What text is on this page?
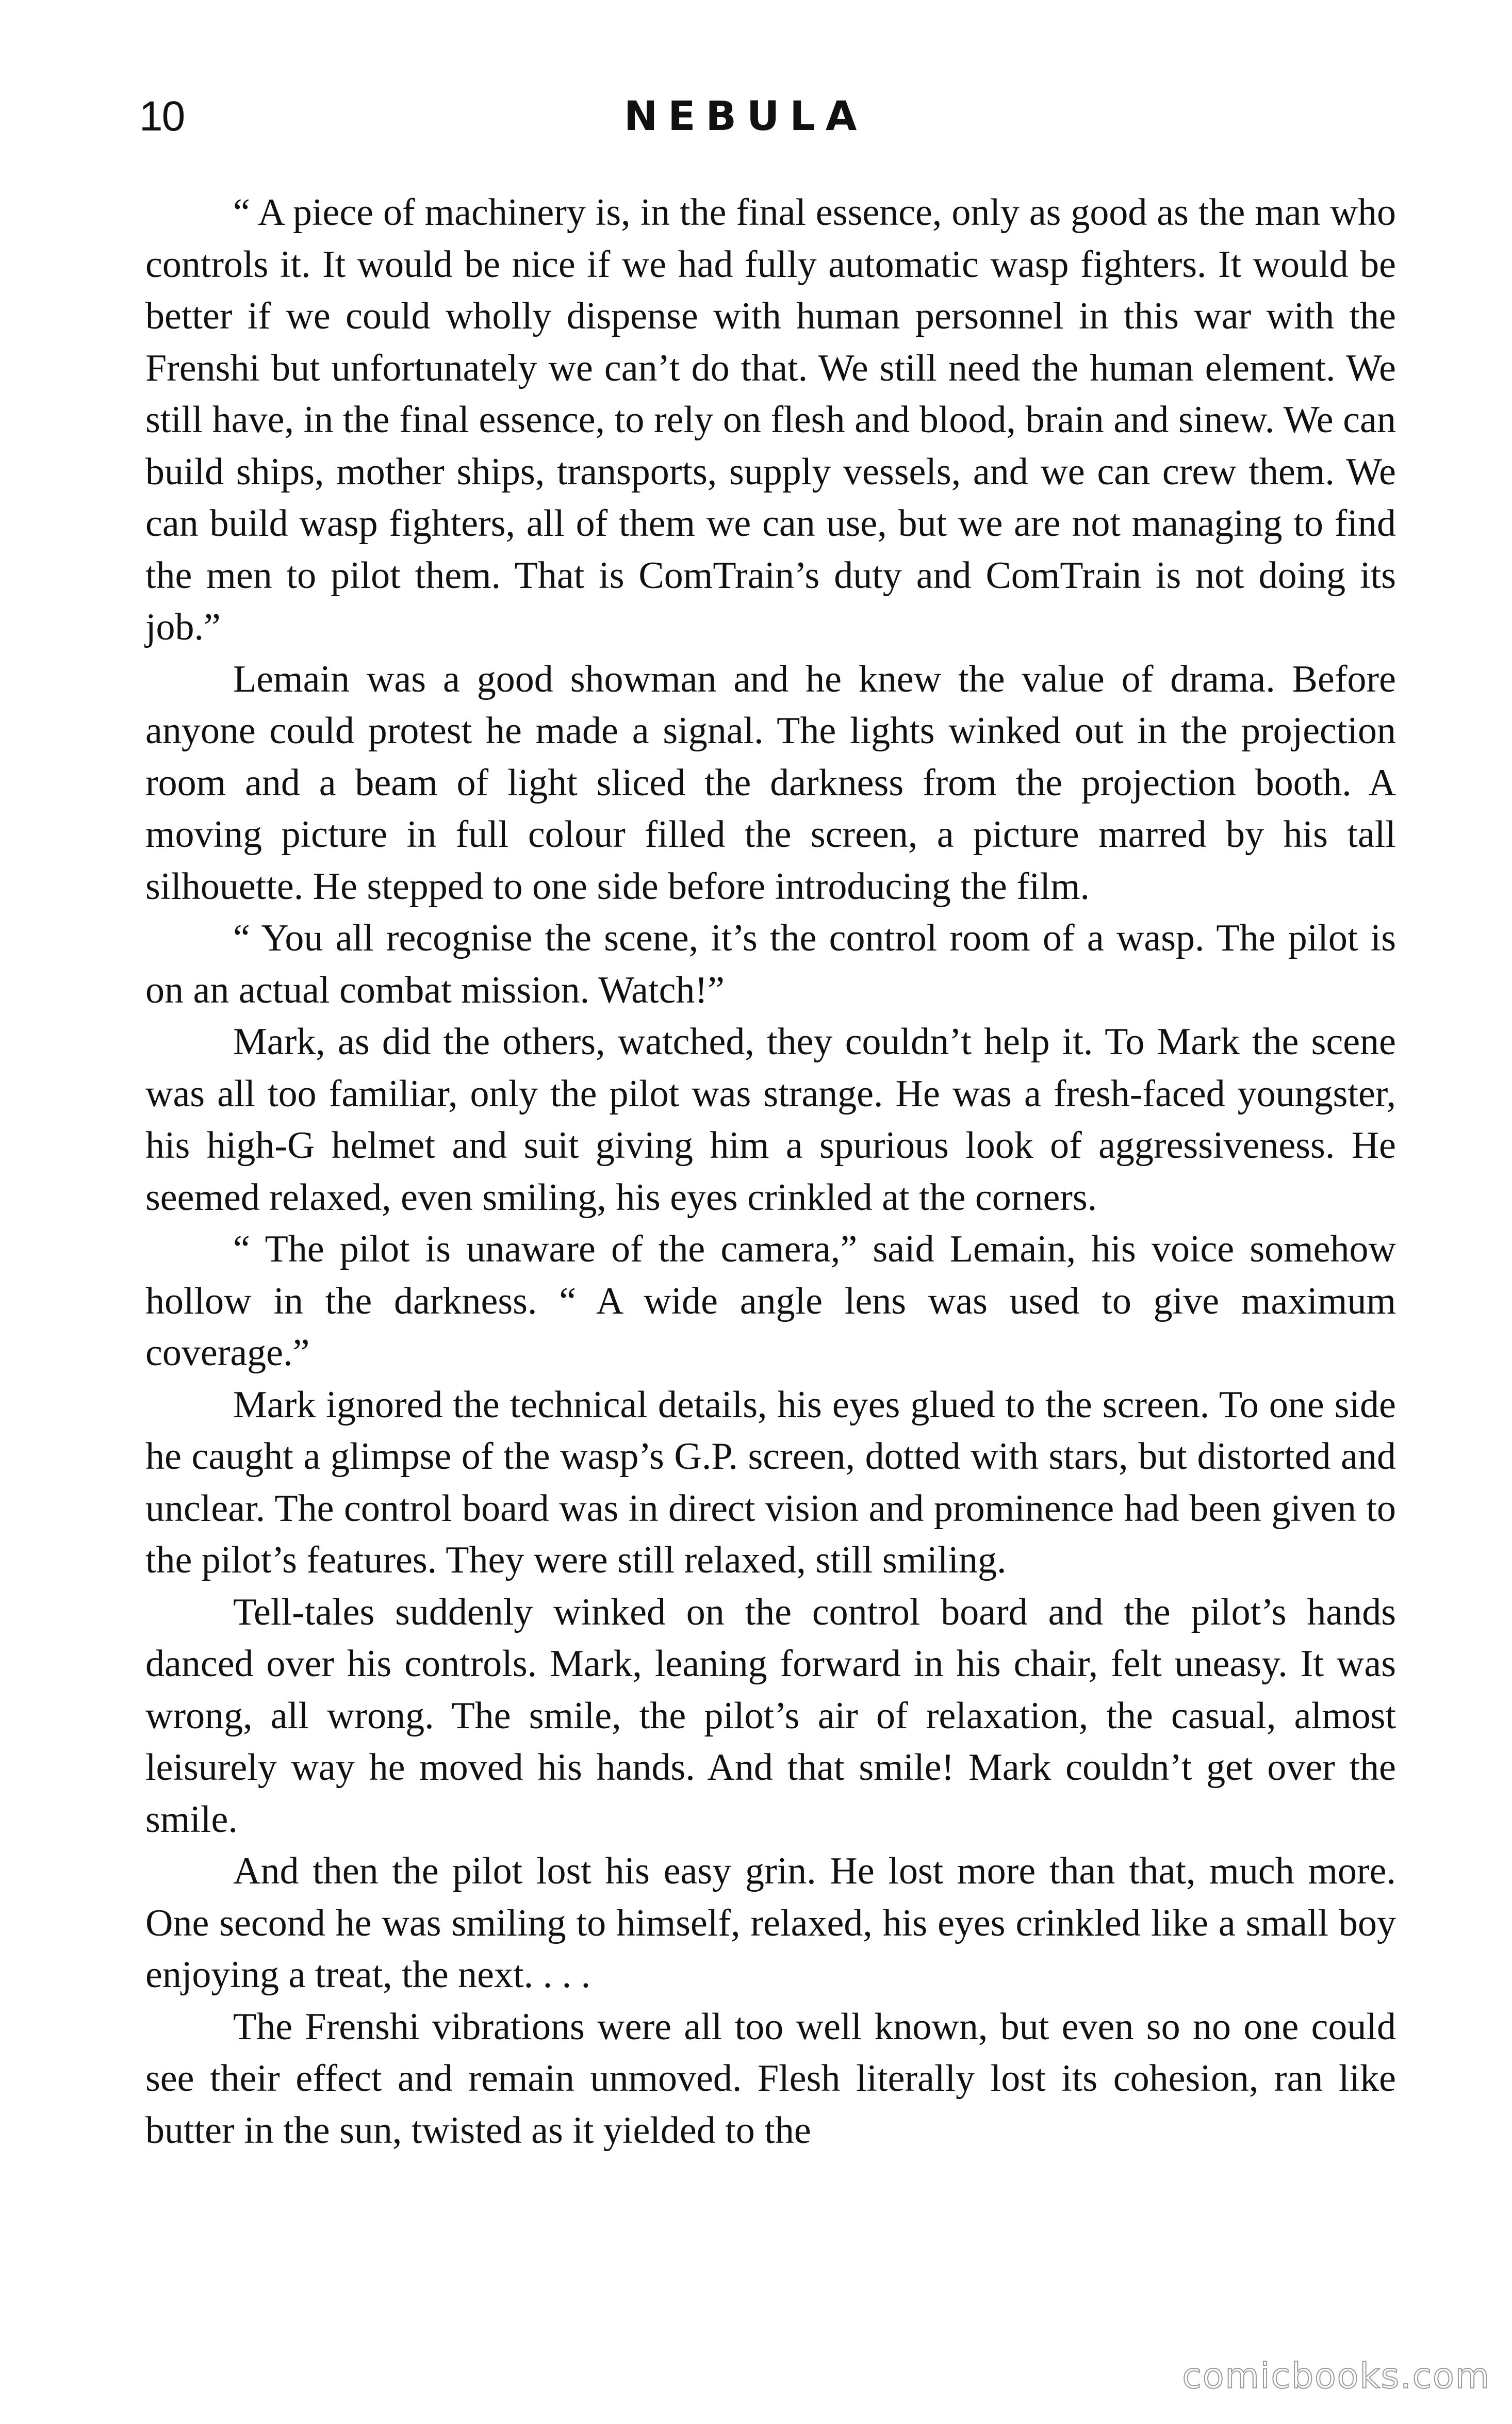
10	NEBULA

“ A piece of machinery is, in the final essence, only as good as the man who controls it. It would be nice if we had fully automatic wasp fighters. It would be better if we could wholly dispense with human personnel in this war with the Frenshi but unfortunately we can’t do that. We still need the human element. We still have, in the final essence, to rely on flesh and blood, brain and sinew. We can build ships, mother ships, transports, supply vessels, and we can crew them. We can build wasp fighters, all of them we can use, but we are not managing to find the men to pilot them. That is ComTrain’s duty and ComTrain is not doing its job.”

Lemain was a good showman and he knew the value of drama. Before anyone could protest he made a signal. The lights winked out in the projection room and a beam of light sliced the darkness from the projection booth. A moving picture in full colour filled the screen, a picture marred by his tall silhouette. He stepped to one side before introducing the film.

“ You all recognise the scene, it’s the control room of a wasp. The pilot is on an actual combat mission. Watch!”

Mark, as did the others, watched, they couldn’t help it. To Mark the scene was all too familiar, only the pilot was strange. He was a fresh-faced youngster, his high-G helmet and suit giving him a spurious look of aggressiveness. He seemed relaxed, even smiling, his eyes crinkled at the corners.

“ The pilot is unaware of the camera,” said Lemain, his voice somehow hollow in the darkness. “ A wide angle lens was used to give maximum coverage.”

Mark ignored the technical details, his eyes glued to the screen. To one side he caught a glimpse of the wasp’s G.P. screen, dotted with stars, but distorted and unclear. The control board was in direct vision and prominence had been given to the pilot’s features. They were still relaxed, still smiling.

Tell-tales suddenly winked on the control board and the pilot’s hands danced over his controls. Mark, leaning forward in his chair, felt uneasy. It was wrong, all wrong. The smile, the pilot’s air of relaxation, the casual, almost leisurely way he moved his hands. And that smile! Mark couldn’t get over the smile.

And then the pilot lost his easy grin. He lost more than that, much more. One second he was smiling to himself, relaxed, his eyes crinkled like a small boy enjoying a treat, the next. . . .

The Frenshi vibrations were all too well known, but even so no one could see their effect and remain unmoved. Flesh literally lost its cohesion, ran like butter in the sun, twisted as it yielded to the

comicbooks.com
